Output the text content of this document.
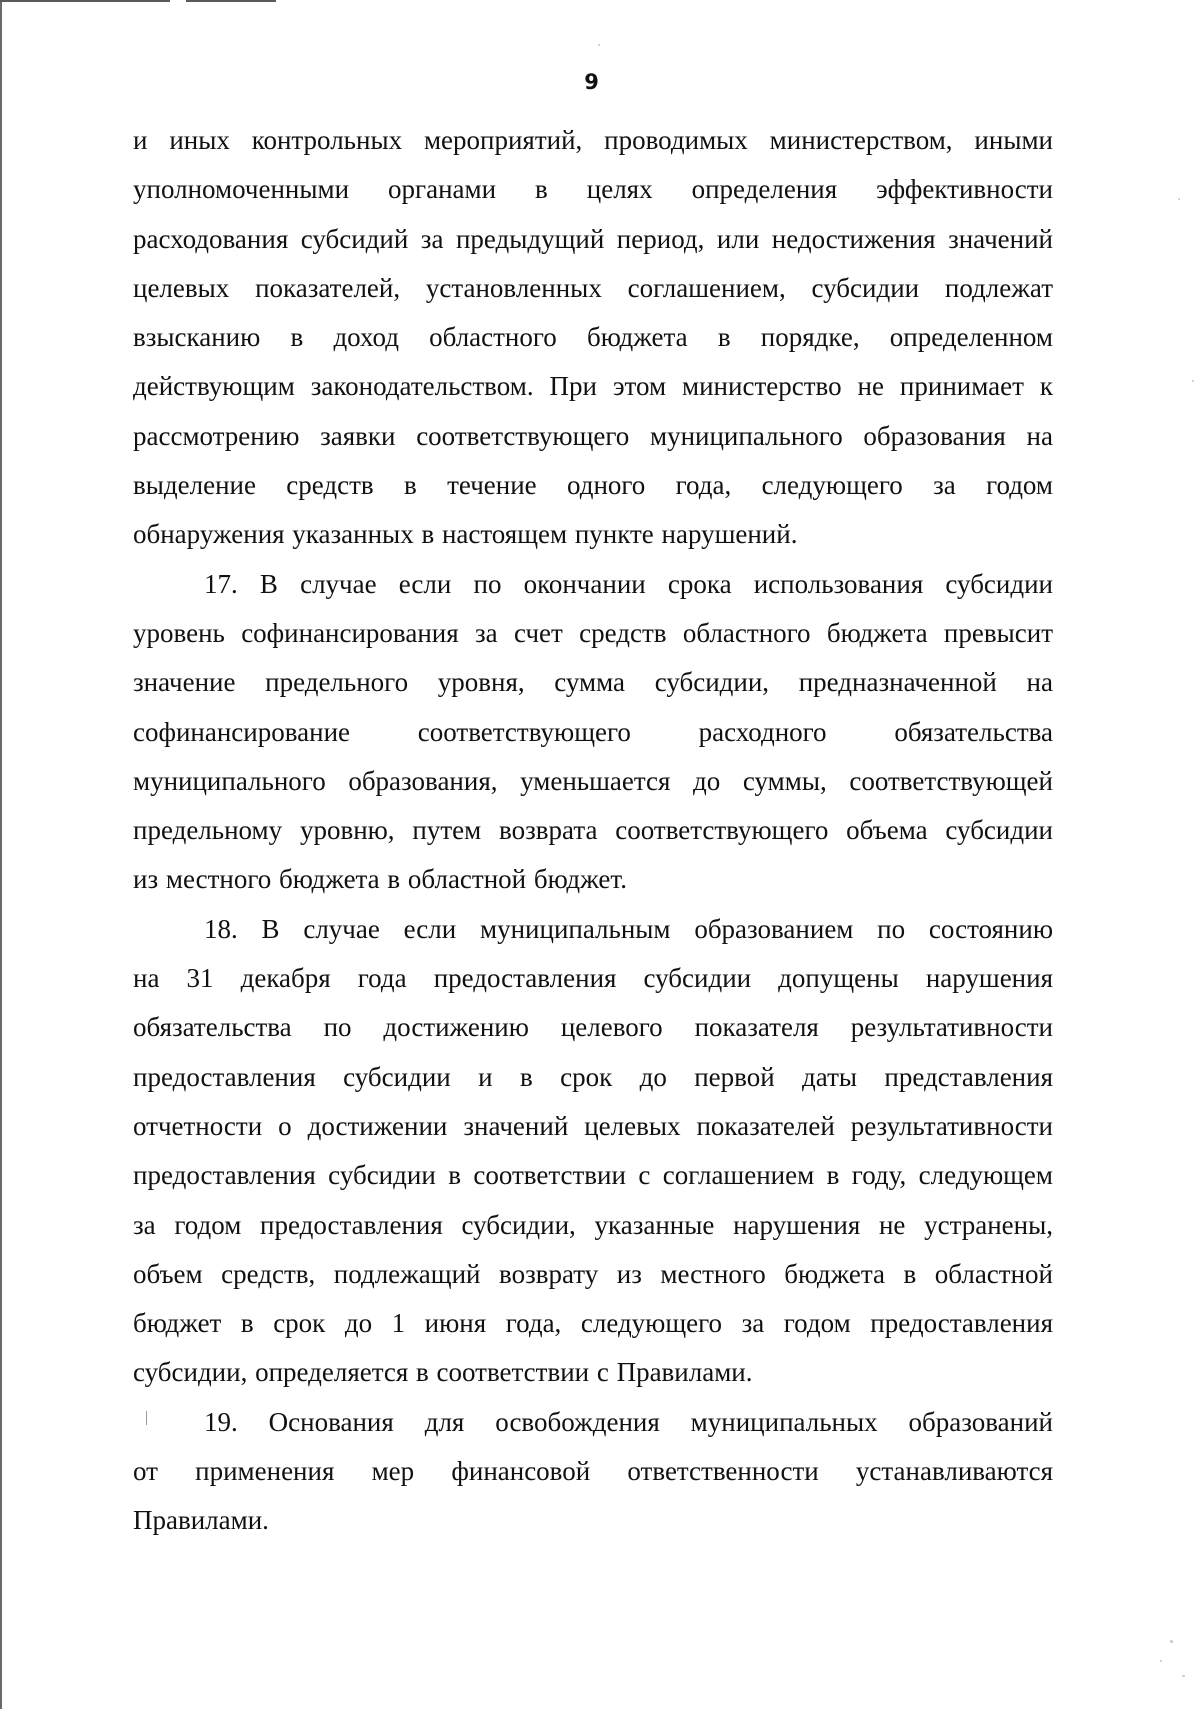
9
и иных контрольных мероприятий, проводимых министерством, иными
уполномоченными органами в целях определения эффективности
расходования субсидий за предыдущий период, или недостижения значений
целевых показателей, установленных соглашением, субсидии подлежат
взысканию в доход областного бюджета в порядке, определенном
действующим законодательством. При этом министерство не принимает к
рассмотрению заявки соответствующего муниципального образования на
выделение средств в течение одного года, следующего за годом
обнаружения указанных в настоящем пункте нарушений.
17. В случае если по окончании срока использования субсидии
уровень софинансирования за счет средств областного бюджета превысит
значение предельного уровня, сумма субсидии, предназначенной на
софинансирование соответствующего расходного обязательства
муниципального образования, уменьшается до суммы, соответствующей
предельному уровню, путем возврата соответствующего объема субсидии
из местного бюджета в областной бюджет.
18. В случае если муниципальным образованием по состоянию
на 31 декабря года предоставления субсидии допущены нарушения
обязательства по достижению целевого показателя результативности
предоставления субсидии и в срок до первой даты представления
отчетности о достижении значений целевых показателей результативности
предоставления субсидии в соответствии с соглашением в году, следующем
за годом предоставления субсидии, указанные нарушения не устранены,
объем средств, подлежащий возврату из местного бюджета в областной
бюджет в срок до 1 июня года, следующего за годом предоставления
субсидии, определяется в соответствии с Правилами.
19. Основания для освобождения муниципальных образований
от применения мер финансовой ответственности устанавливаются
Правилами.
